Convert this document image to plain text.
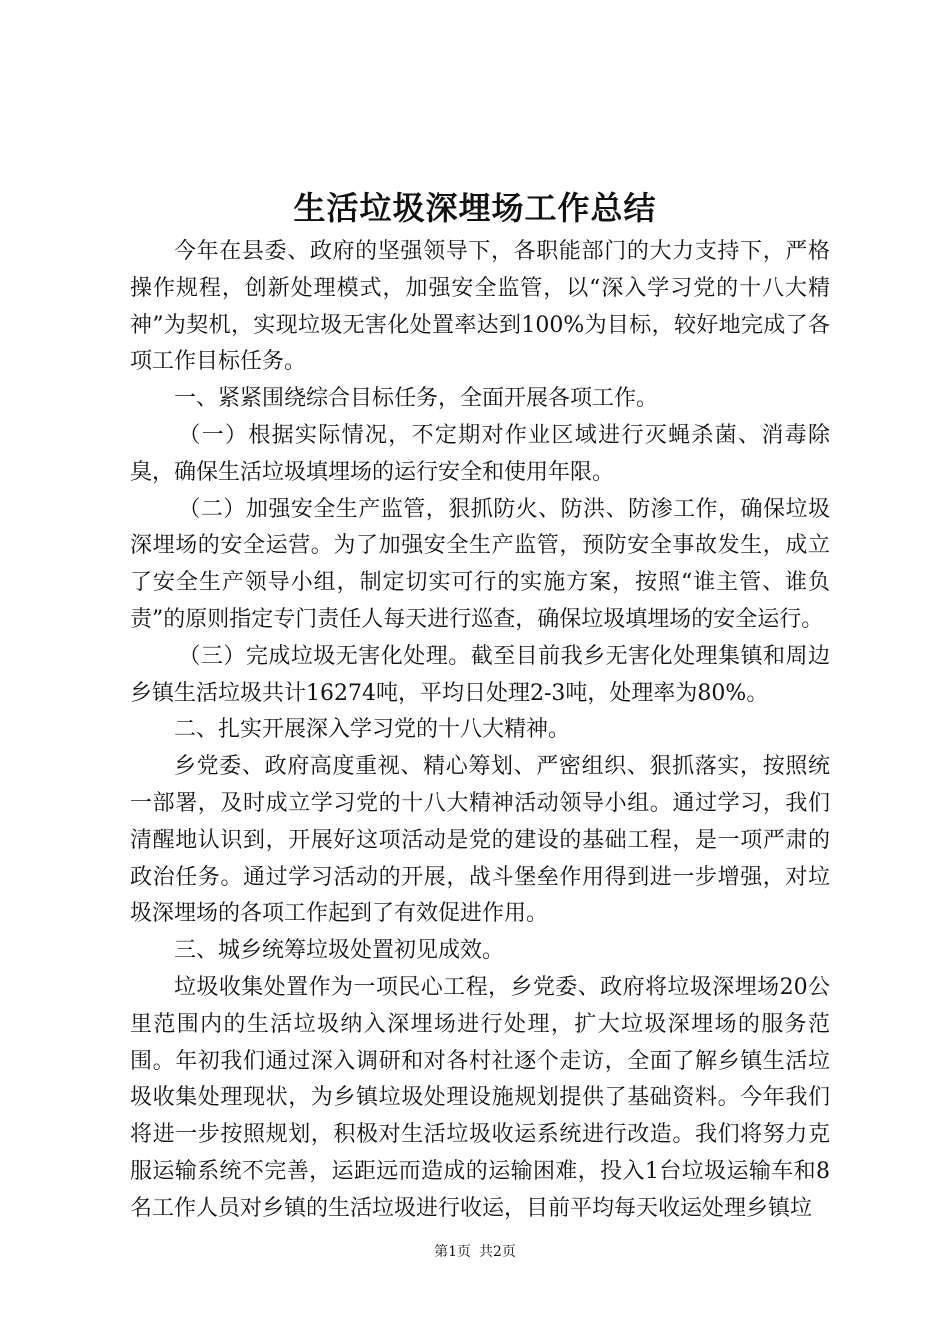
生活垃圾深埋场工作总结

今年在县委、政府的坚强领导下，各职能部门的大力支持下，严格操作规程，创新处理模式，加强安全监管，以“深入学习党的十八大精神”为契机，实现垃圾无害化处置率达到100%为目标，较好地完成了各项工作目标任务。

一、紧紧围绕综合目标任务，全面开展各项工作。

（一）根据实际情况，不定期对作业区域进行灭蝇杀菌、消毒除臭，确保生活垃圾填埋场的运行安全和使用年限。

（二）加强安全生产监管，狠抓防火、防洪、防渗工作，确保垃圾深埋场的安全运营。为了加强安全生产监管，预防安全事故发生，成立了安全生产领导小组，制定切实可行的实施方案，按照“谁主管、谁负责”的原则指定专门责任人每天进行巡查，确保垃圾填埋场的安全运行。

（三）完成垃圾无害化处理。截至目前我乡无害化处理集镇和周边乡镇生活垃圾共计16274吨，平均日处理2-3吨，处理率为80%。

二、扎实开展深入学习党的十八大精神。

乡党委、政府高度重视、精心筹划、严密组织、狠抓落实，按照统一部署，及时成立学习党的十八大精神活动领导小组。通过学习，我们清醒地认识到，开展好这项活动是党的建设的基础工程，是一项严肃的政治任务。通过学习活动的开展，战斗堡垒作用得到进一步增强，对垃圾深埋场的各项工作起到了有效促进作用。

三、城乡统筹垃圾处置初见成效。

垃圾收集处置作为一项民心工程，乡党委、政府将垃圾深埋场20公里范围内的生活垃圾纳入深埋场进行处理，扩大垃圾深埋场的服务范围。年初我们通过深入调研和对各村社逐个走访，全面了解乡镇生活垃圾收集处理现状，为乡镇垃圾处理设施规划提供了基础资料。今年我们将进一步按照规划，积极对生活垃圾收运系统进行改造。我们将努力克服运输系统不完善，运距远而造成的运输困难，投入1台垃圾运输车和8名工作人员对乡镇的生活垃圾进行收运，目前平均每天收运处理乡镇垃

第1页 共2页
